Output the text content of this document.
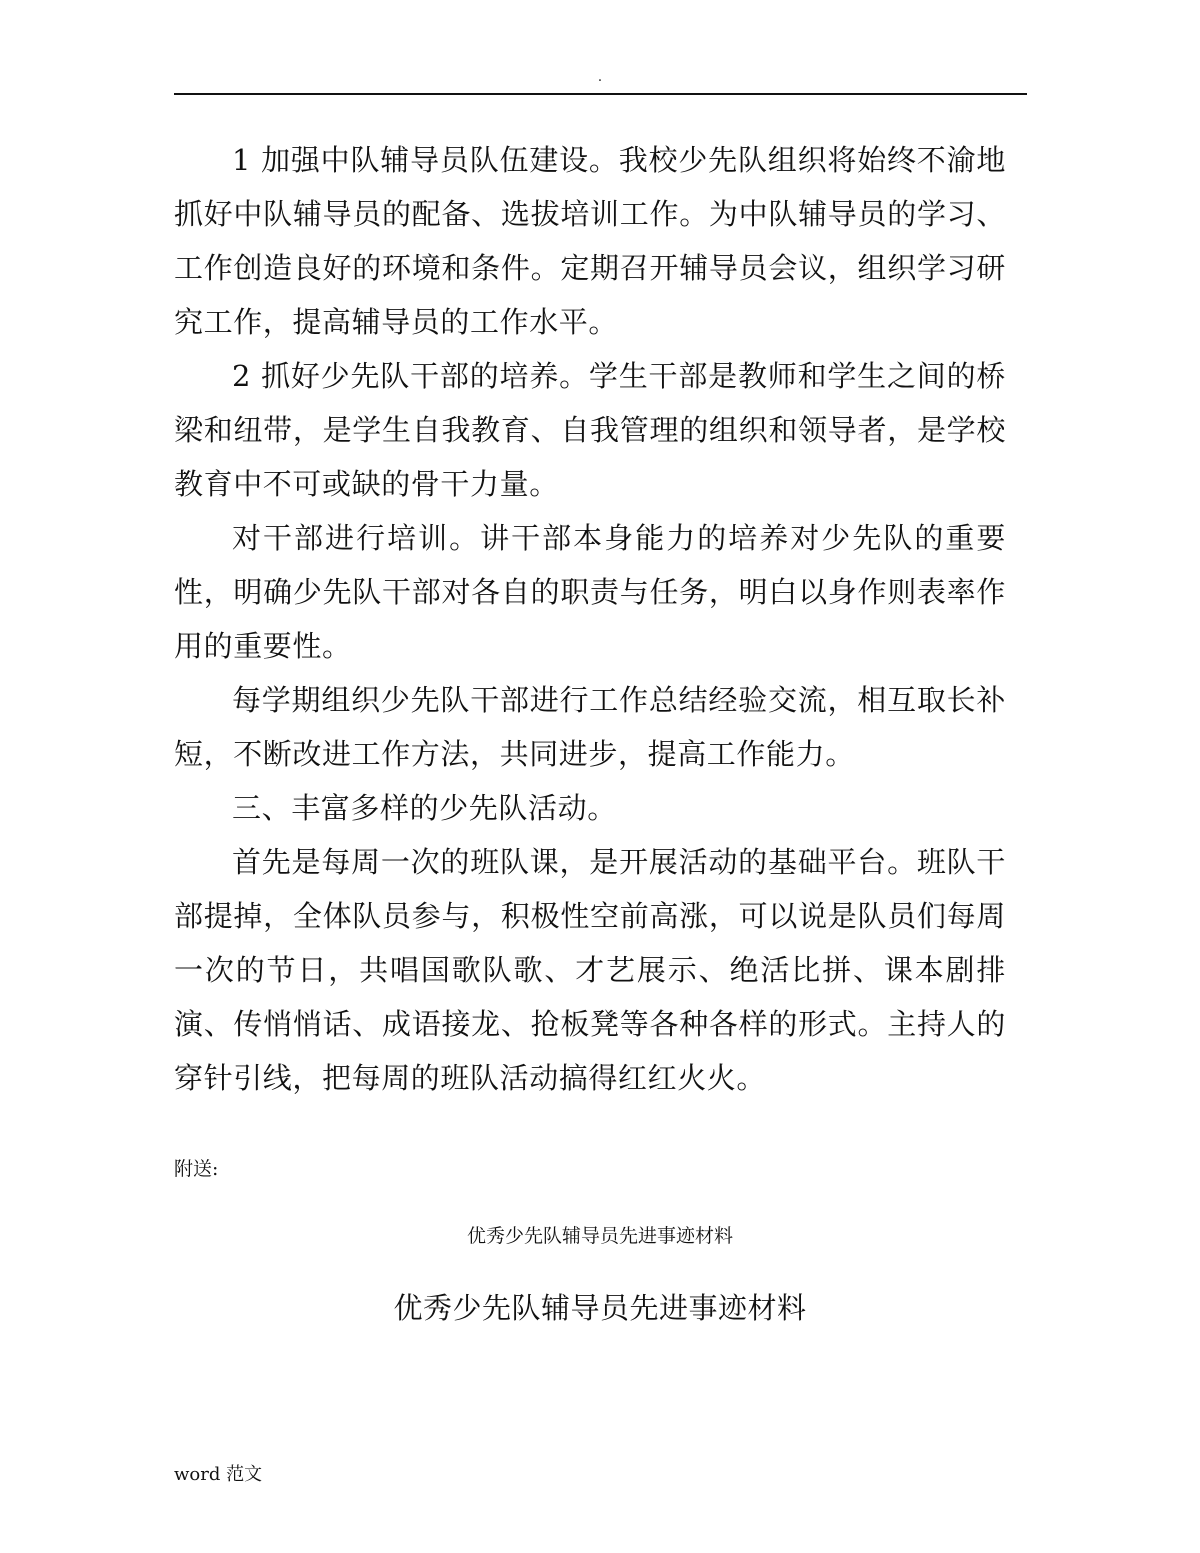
.

1 加强中队辅导员队伍建设。我校少先队组织将始终不渝地抓好中队辅导员的配备、选拔培训工作。为中队辅导员的学习、工作创造良好的环境和条件。定期召开辅导员会议，组织学习研究工作，提高辅导员的工作水平。

2 抓好少先队干部的培养。学生干部是教师和学生之间的桥梁和纽带，是学生自我教育、自我管理的组织和领导者，是学校教育中不可或缺的骨干力量。

对干部进行培训。讲干部本身能力的培养对少先队的重要性，明确少先队干部对各自的职责与任务，明白以身作则表率作用的重要性。

每学期组织少先队干部进行工作总结经验交流，相互取长补短，不断改进工作方法，共同进步，提高工作能力。

三、丰富多样的少先队活动。

首先是每周一次的班队课，是开展活动的基础平台。班队干部提掉，全体队员参与，积极性空前高涨，可以说是队员们每周一次的节日，共唱国歌队歌、才艺展示、绝活比拼、课本剧排演、传悄悄话、成语接龙、抢板凳等各种各样的形式。主持人的穿针引线，把每周的班队活动搞得红红火火。

附送:
优秀少先队辅导员先进事迹材料
优秀少先队辅导员先进事迹材料
word 范文
